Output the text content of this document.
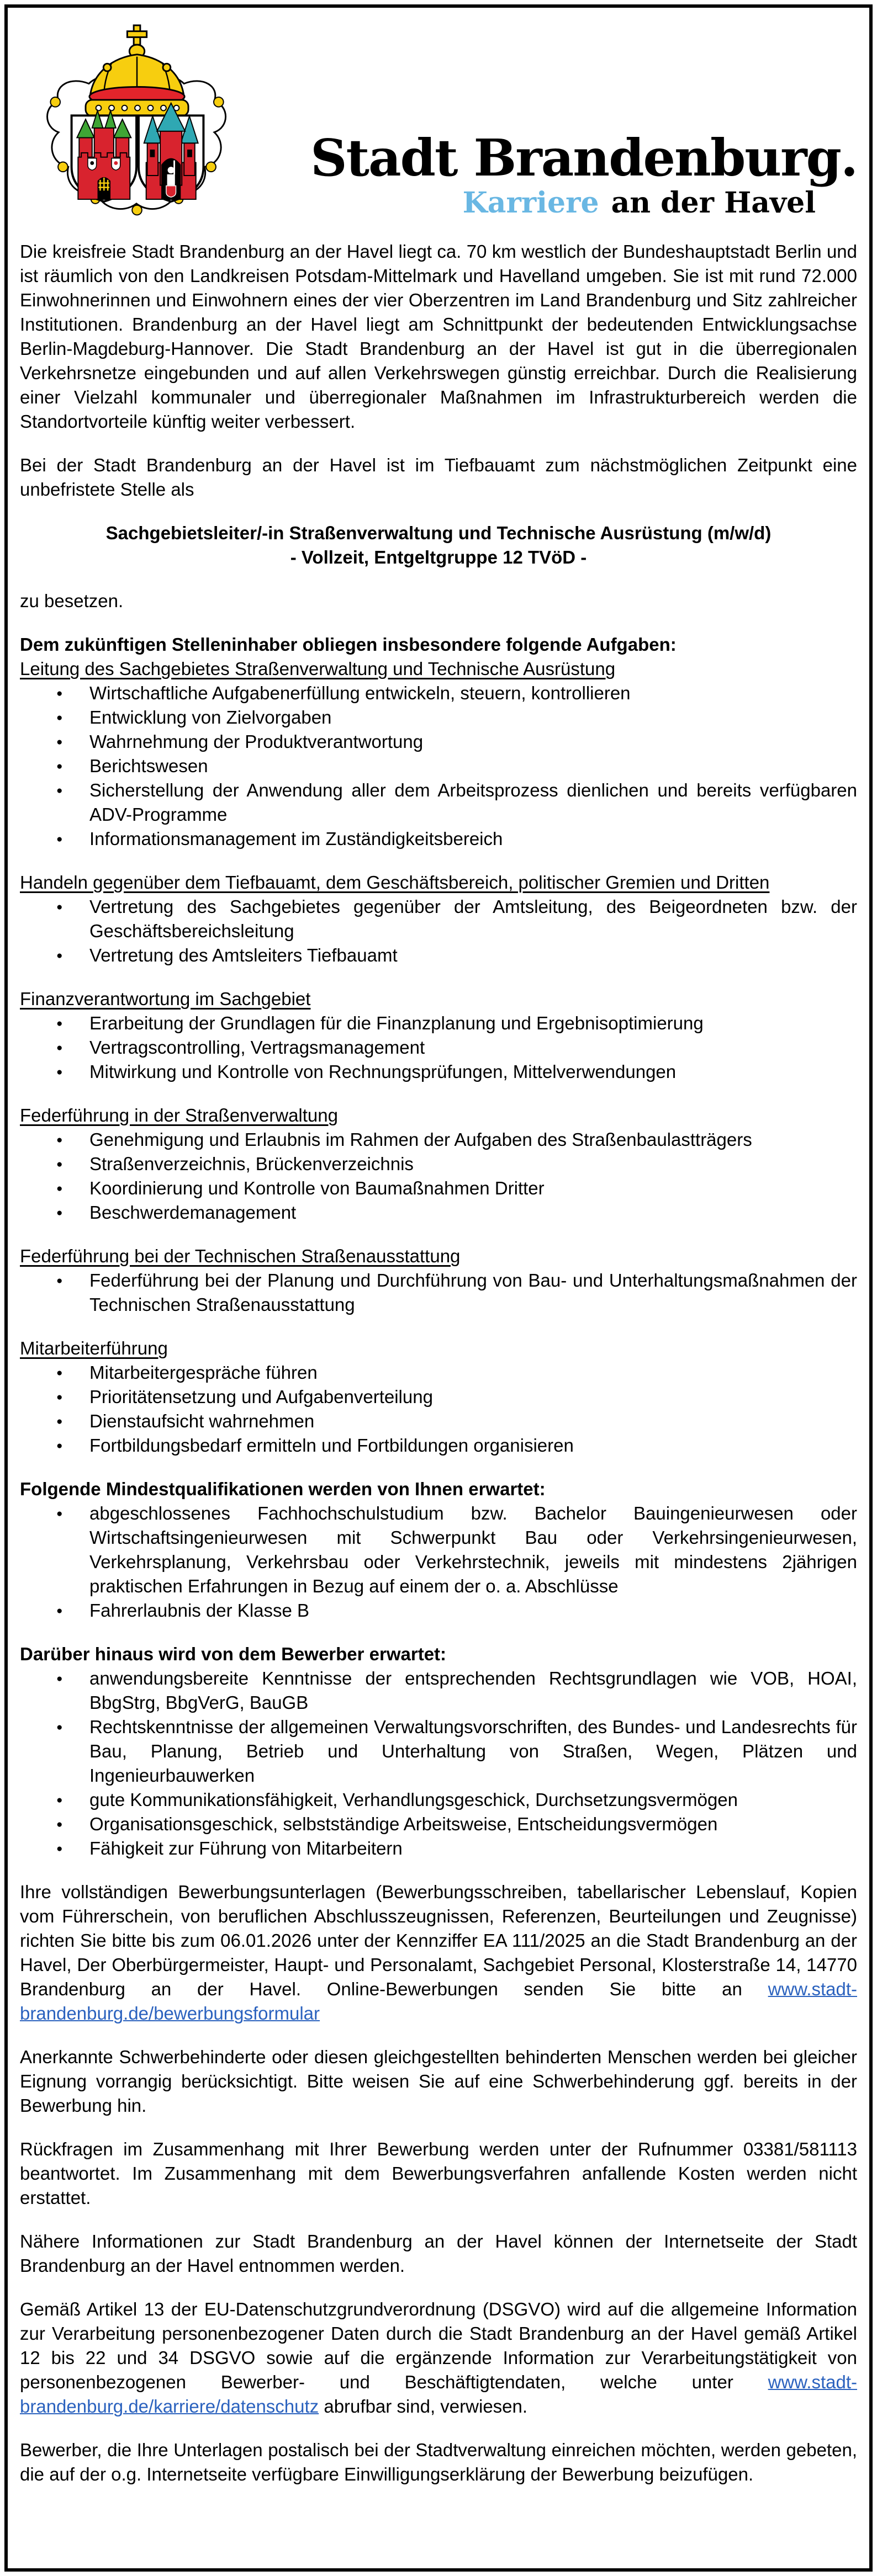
Stadt Brandenburg.
Karriere an der Havel

Die kreisfreie Stadt Brandenburg an der Havel liegt ca. 70 km westlich der Bundeshauptstadt Berlin und ist räumlich von den Landkreisen Potsdam-Mittelmark und Havelland umgeben. Sie ist mit rund 72.000 Einwohnerinnen und Einwohnern eines der vier Oberzentren im Land Brandenburg und Sitz zahlreicher Institutionen. Brandenburg an der Havel liegt am Schnittpunkt der bedeutenden Entwicklungsachse Berlin-Magdeburg-Hannover. Die Stadt Brandenburg an der Havel ist gut in die überregionalen Verkehrsnetze eingebunden und auf allen Verkehrswegen günstig erreichbar. Durch die Realisierung einer Vielzahl kommunaler und überregionaler Maßnahmen im Infrastrukturbereich werden die Standortvorteile künftig weiter verbessert.

Bei der Stadt Brandenburg an der Havel ist im Tiefbauamt zum nächstmöglichen Zeitpunkt eine unbefristete Stelle als

Sachgebietsleiter/-in Straßenverwaltung und Technische Ausrüstung (m/w/d)
- Vollzeit, Entgeltgruppe 12 TVöD -

zu besetzen.

Dem zukünftigen Stelleninhaber obliegen insbesondere folgende Aufgaben:

Leitung des Sachgebietes Straßenverwaltung und Technische Ausrüstung

● Wirtschaftliche Aufgabenerfüllung entwickeln, steuern, kontrollieren
● Entwicklung von Zielvorgaben
● Wahrnehmung der Produktverantwortung
● Berichtswesen
● Sicherstellung der Anwendung aller dem Arbeitsprozess dienlichen und bereits verfügbaren ADV-Programme
● Informationsmanagement im Zuständigkeitsbereich

Handeln gegenüber dem Tiefbauamt, dem Geschäftsbereich, politischer Gremien und Dritten

● Vertretung des Sachgebietes gegenüber der Amtsleitung, des Beigeordneten bzw. der Geschäftsbereichsleitung
● Vertretung des Amtsleiters Tiefbauamt

Finanzverantwortung im Sachgebiet

● Erarbeitung der Grundlagen für die Finanzplanung und Ergebnisoptimierung
● Vertragscontrolling, Vertragsmanagement
● Mitwirkung und Kontrolle von Rechnungsprüfungen, Mittelverwendungen

Federführung in der Straßenverwaltung

● Genehmigung und Erlaubnis im Rahmen der Aufgaben des Straßenbaulastträgers
● Straßenverzeichnis, Brückenverzeichnis
● Koordinierung und Kontrolle von Baumaßnahmen Dritter
● Beschwerdemanagement

Federführung bei der Technischen Straßenausstattung

● Federführung bei der Planung und Durchführung von Bau- und Unterhaltungsmaßnahmen der Technischen Straßenausstattung

Mitarbeiterführung

● Mitarbeitergespräche führen
● Prioritätensetzung und Aufgabenverteilung
● Dienstaufsicht wahrnehmen
● Fortbildungsbedarf ermitteln und Fortbildungen organisieren

Folgende Mindestqualifikationen werden von Ihnen erwartet:

● abgeschlossenes Fachhochschulstudium bzw. Bachelor Bauingenieurwesen oder Wirtschaftsingenieurwesen mit Schwerpunkt Bau oder Verkehrsingenieurwesen, Verkehrsplanung, Verkehrsbau oder Verkehrstechnik, jeweils mit mindestens 2jährigen praktischen Erfahrungen in Bezug auf einem der o. a. Abschlüsse
● Fahrerlaubnis der Klasse B

Darüber hinaus wird von dem Bewerber erwartet:

● anwendungsbereite Kenntnisse der entsprechenden Rechtsgrundlagen wie VOB, HOAI, BbgStrg, BbgVerG, BauGB
● Rechtskenntnisse der allgemeinen Verwaltungsvorschriften, des Bundes- und Landesrechts für Bau, Planung, Betrieb und Unterhaltung von Straßen, Wegen, Plätzen und Ingenieurbauwerken
● gute Kommunikationsfähigkeit, Verhandlungsgeschick, Durchsetzungsvermögen
● Organisationsgeschick, selbstständige Arbeitsweise, Entscheidungsvermögen
● Fähigkeit zur Führung von Mitarbeitern

Ihre vollständigen Bewerbungsunterlagen (Bewerbungsschreiben, tabellarischer Lebenslauf, Kopien vom Führerschein, von beruflichen Abschlusszeugnissen, Referenzen, Beurteilungen und Zeugnisse) richten Sie bitte bis zum 06.01.2026 unter der Kennziffer EA 111/2025 an die Stadt Brandenburg an der Havel, Der Oberbürgermeister, Haupt- und Personalamt, Sachgebiet Personal, Klosterstraße 14, 14770 Brandenburg an der Havel. Online-Bewerbungen senden Sie bitte an www.stadt-brandenburg.de/bewerbungsformular

Anerkannte Schwerbehinderte oder diesen gleichgestellten behinderten Menschen werden bei gleicher Eignung vorrangig berücksichtigt. Bitte weisen Sie auf eine Schwerbehinderung ggf. bereits in der Bewerbung hin.

Rückfragen im Zusammenhang mit Ihrer Bewerbung werden unter der Rufnummer 03381/581113 beantwortet. Im Zusammenhang mit dem Bewerbungsverfahren anfallende Kosten werden nicht erstattet.

Nähere Informationen zur Stadt Brandenburg an der Havel können der Internetseite der Stadt Brandenburg an der Havel entnommen werden.

Gemäß Artikel 13 der EU-Datenschutzgrundverordnung (DSGVO) wird auf die allgemeine Information zur Verarbeitung personenbezogener Daten durch die Stadt Brandenburg an der Havel gemäß Artikel 12 bis 22 und 34 DSGVO sowie auf die ergänzende Information zur Verarbeitungstätigkeit von personenbezogenen Bewerber- und Beschäftigtendaten, welche unter www.stadt-brandenburg.de/karriere/datenschutz abrufbar sind, verwiesen.

Bewerber, die Ihre Unterlagen postalisch bei der Stadtverwaltung einreichen möchten, werden gebeten, die auf der o.g. Internetseite verfügbare Einwilligungserklärung der Bewerbung beizufügen.
